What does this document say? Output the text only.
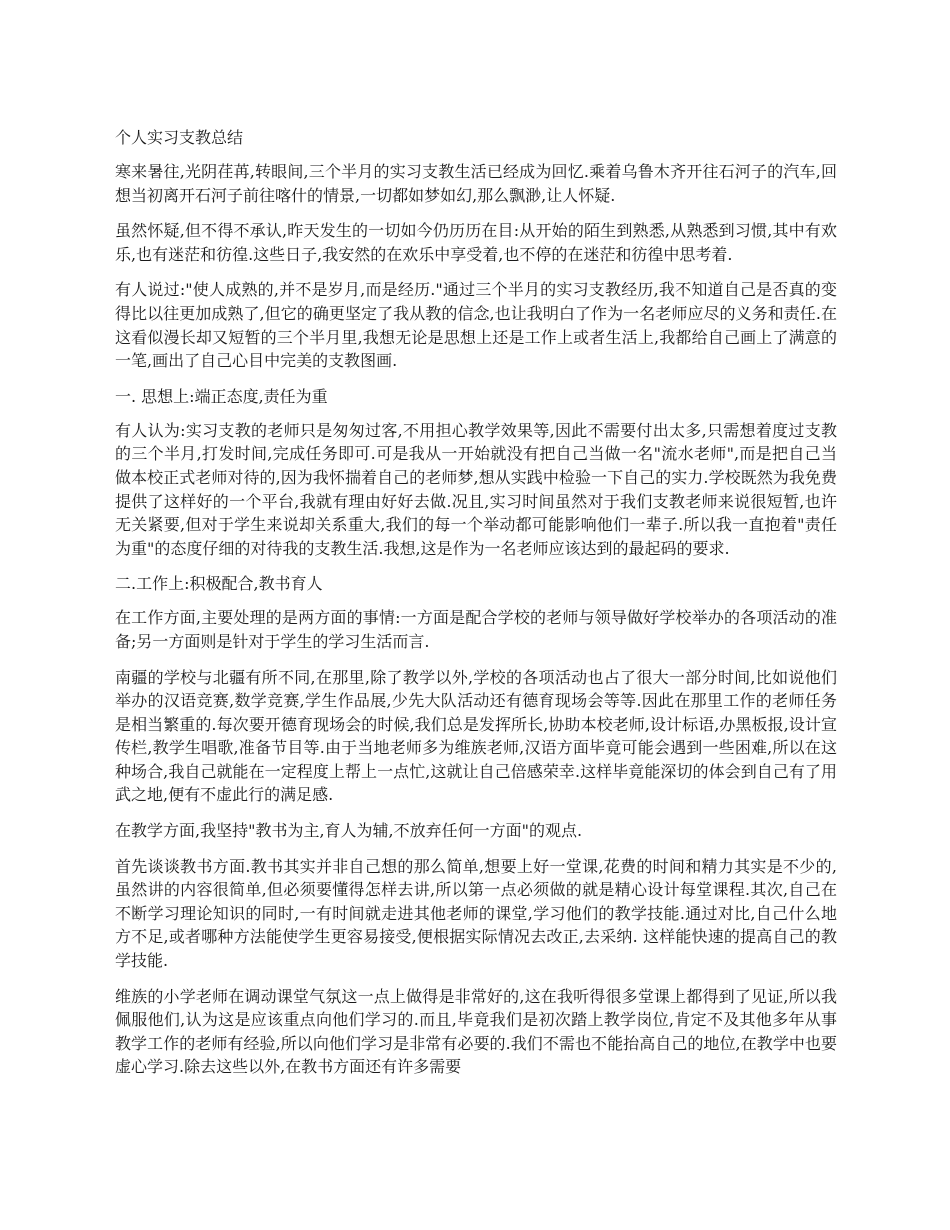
个人实习支教总结

寒来暑往,光阴荏苒,转眼间,三个半月的实习支教生活已经成为回忆.乘着乌鲁木齐开往石河子的汽车,回想当初离开石河子前往喀什的情景,一切都如梦如幻,那么飘渺,让人怀疑.

虽然怀疑,但不得不承认,昨天发生的一切如今仍历历在目:从开始的陌生到熟悉,从熟悉到习惯,其中有欢乐,也有迷茫和彷徨.这些日子,我安然的在欢乐中享受着,也不停的在迷茫和彷徨中思考着.

有人说过:"使人成熟的,并不是岁月,而是经历."通过三个半月的实习支教经历,我不知道自己是否真的变得比以往更加成熟了,但它的确更坚定了我从教的信念,也让我明白了作为一名老师应尽的义务和责任.在这看似漫长却又短暂的三个半月里,我想无论是思想上还是工作上或者生活上,我都给自己画上了满意的一笔,画出了自己心目中完美的支教图画.

一. 思想上:端正态度,责任为重

有人认为:实习支教的老师只是匆匆过客,不用担心教学效果等,因此不需要付出太多,只需想着度过支教的三个半月,打发时间,完成任务即可.可是我从一开始就没有把自己当做一名"流水老师",而是把自己当做本校正式老师对待的,因为我怀揣着自己的老师梦,想从实践中检验一下自己的实力.学校既然为我免费提供了这样好的一个平台,我就有理由好好去做.况且,实习时间虽然对于我们支教老师来说很短暂,也许无关紧要,但对于学生来说却关系重大,我们的每一个举动都可能影响他们一辈子.所以我一直抱着"责任为重"的态度仔细的对待我的支教生活.我想,这是作为一名老师应该达到的最起码的要求.

二.工作上:积极配合,教书育人

在工作方面,主要处理的是两方面的事情:一方面是配合学校的老师与领导做好学校举办的各项活动的准备;另一方面则是针对于学生的学习生活而言.

南疆的学校与北疆有所不同,在那里,除了教学以外,学校的各项活动也占了很大一部分时间,比如说他们举办的汉语竞赛,数学竞赛,学生作品展,少先大队活动还有德育现场会等等.因此在那里工作的老师任务是相当繁重的.每次要开德育现场会的时候,我们总是发挥所长,协助本校老师,设计标语,办黑板报,设计宣传栏,教学生唱歌,准备节目等.由于当地老师多为维族老师,汉语方面毕竟可能会遇到一些困难,所以在这种场合,我自己就能在一定程度上帮上一点忙,这就让自己倍感荣幸.这样毕竟能深切的体会到自己有了用武之地,便有不虚此行的满足感.

在教学方面,我坚持"教书为主,育人为辅,不放弃任何一方面"的观点.

首先谈谈教书方面.教书其实并非自己想的那么简单,想要上好一堂课,花费的时间和精力其实是不少的,虽然讲的内容很简单,但必须要懂得怎样去讲,所以第一点必须做的就是精心设计每堂课程.其次,自己在不断学习理论知识的同时,一有时间就走进其他老师的课堂,学习他们的教学技能.通过对比,自己什么地方不足,或者哪种方法能使学生更容易接受,便根据实际情况去改正,去采纳. 这样能快速的提高自己的教学技能.

维族的小学老师在调动课堂气氛这一点上做得是非常好的,这在我听得很多堂课上都得到了见证,所以我佩服他们,认为这是应该重点向他们学习的.而且,毕竟我们是初次踏上教学岗位,肯定不及其他多年从事教学工作的老师有经验,所以向他们学习是非常有必要的.我们不需也不能抬高自己的地位,在教学中也要虚心学习.除去这些以外,在教书方面还有许多需要
